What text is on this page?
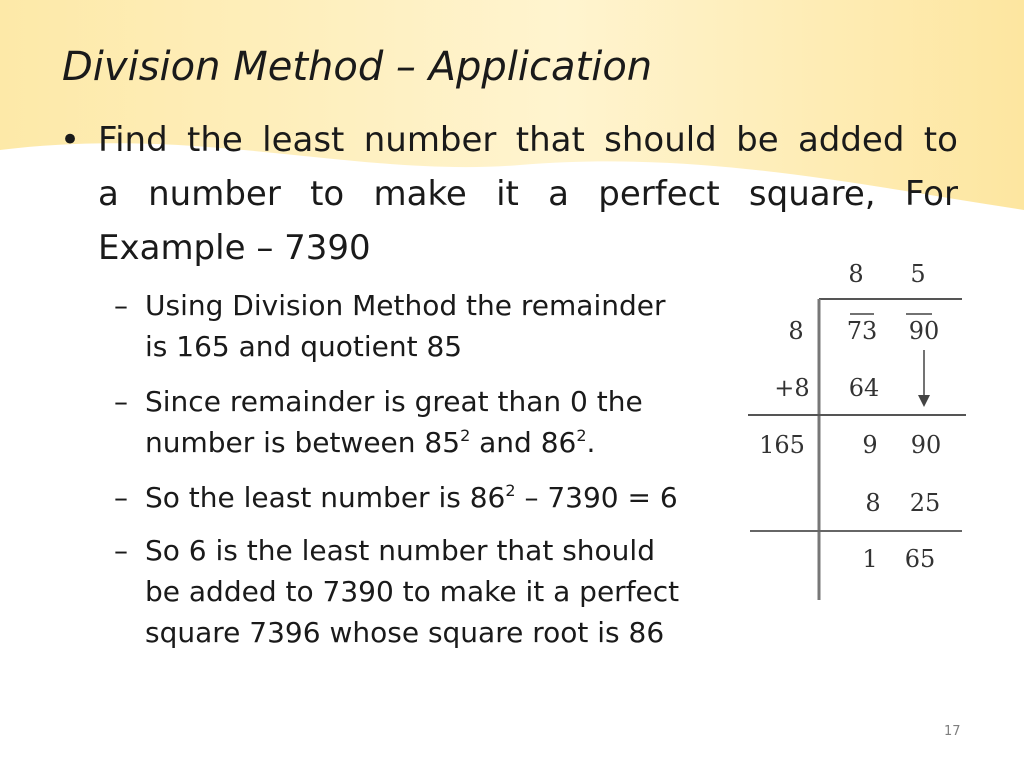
Division Method – Application
• Find the least number that should be added to
a number to make it a perfect square, For
Example – 7390
– Using Division Method the remainder
is 165 and quotient 85
– Since remainder is great than 0 the
number is between $85^2$ and $86^2$.
– So the least number is $86^2 - 7390 = 6$
– So 6 is the least number that should
be added to 7390 to make it a perfect
square 7396 whose square root is 86
8 5
8 73 90
+8 64
165 9 90
8 25
1 65
17
